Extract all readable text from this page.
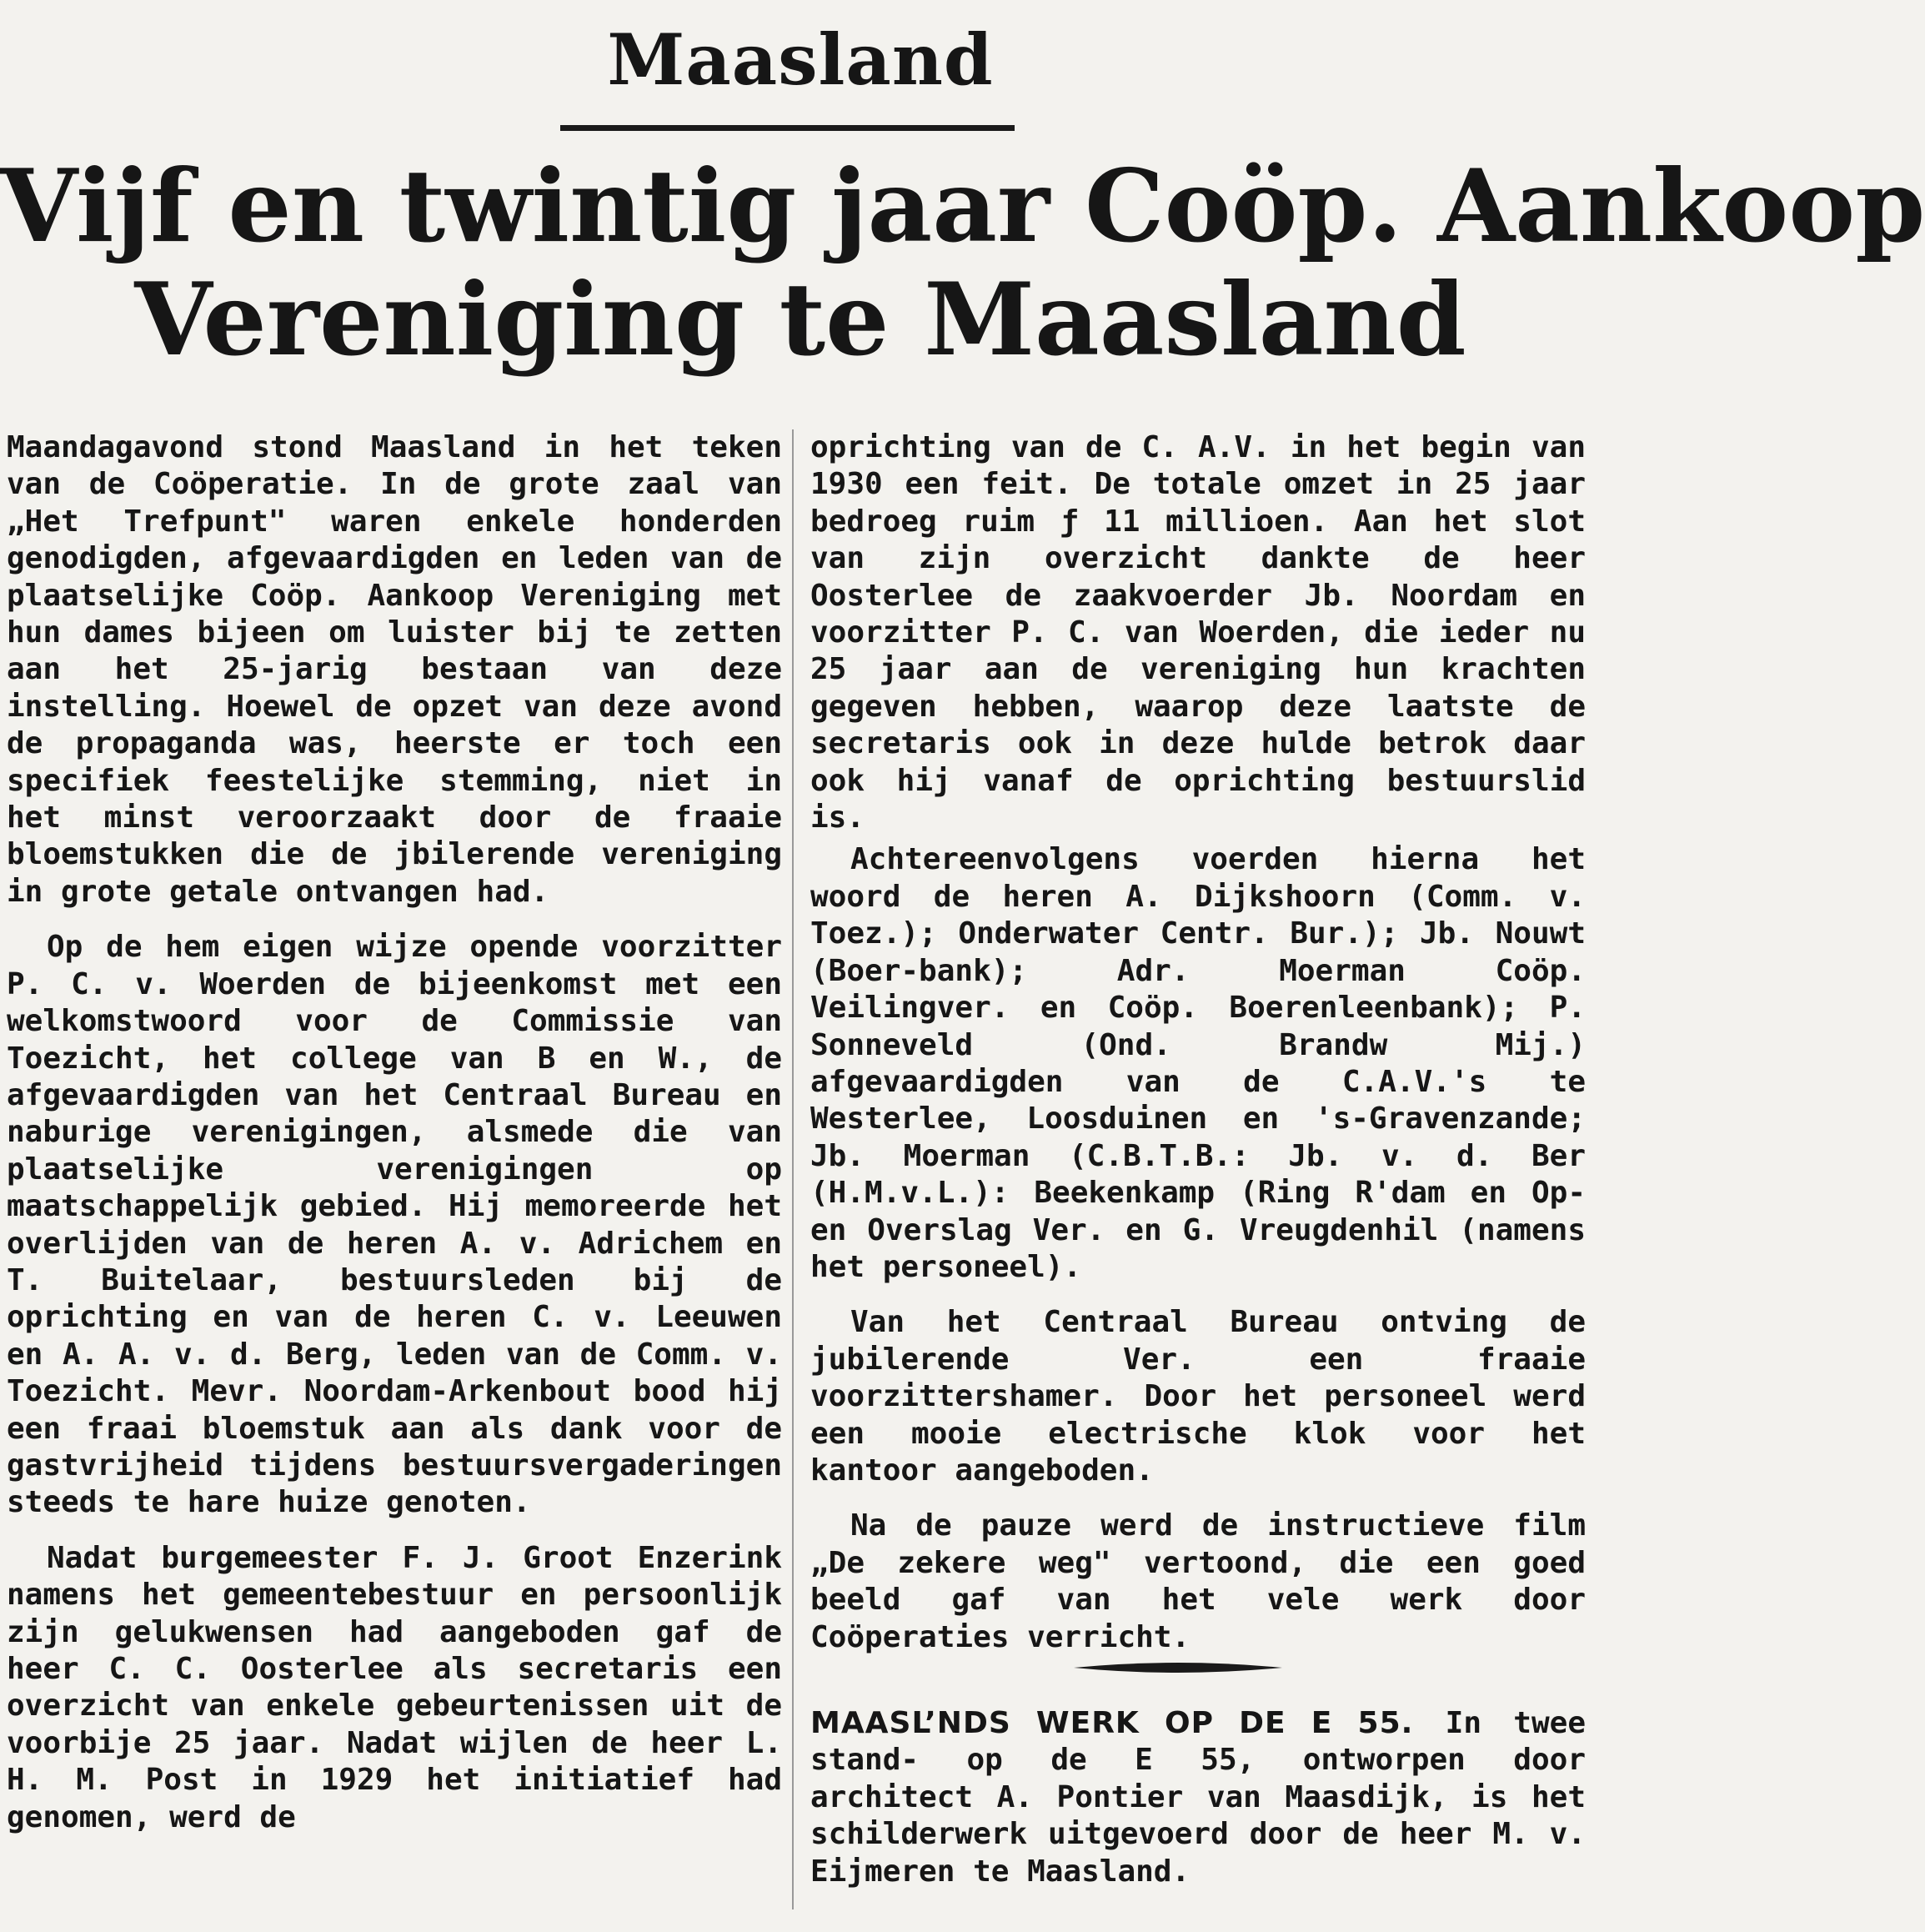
Maasland
Vijf en twintig jaar Coöp. Aankoop
Vereniging te Maasland

Maandagavond stond Maasland in het teken van de Coöperatie. In de grote zaal van „Het Trefpunt" waren enkele honderden genodigden, afgevaardigden en leden van de plaatselijke Coöp. Aankoop Vereniging met hun dames bijeen om luister bij te zetten aan het 25-jarig bestaan van deze instelling. Hoewel de opzet van deze avond de propaganda was, heerste er toch een specifiek feestelijke stemming, niet in het minst veroorzaakt door de fraaie bloemstukken die de jbilerende vereniging in grote getale ontvangen had.

Op de hem eigen wijze opende voorzitter P. C. v. Woerden de bijeenkomst met een welkomstwoord voor de Commissie van Toezicht, het college van B en W., de afgevaardigden van het Centraal Bureau en naburige verenigingen, alsmede die van plaatselijke verenigingen op maatschappelijk gebied. Hij memoreerde het overlijden van de heren A. v. Adrichem en T. Buitelaar, bestuursleden bij de oprichting en van de heren C. v. Leeuwen en A. A. v. d. Berg, leden van de Comm. v. Toezicht. Mevr. Noordam-Arkenbout bood hij een fraai bloemstuk aan als dank voor de gastvrijheid tijdens bestuursvergaderingen steeds te hare huize genoten.

Nadat burgemeester F. J. Groot Enzerink namens het gemeentebestuur en persoonlijk zijn gelukwensen had aangeboden gaf de heer C. C. Oosterlee als secretaris een overzicht van enkele gebeurtenissen uit de voorbije 25 jaar. Nadat wijlen de heer L. H. M. Post in 1929 het initiatief had genomen, werd de

oprichting van de C. A.V. in het begin van 1930 een feit. De totale omzet in 25 jaar bedroeg ruim ƒ 11 millioen. Aan het slot van zijn overzicht dankte de heer Oosterlee de zaakvoerder Jb. Noordam en voorzitter P. C. van Woerden, die ieder nu 25 jaar aan de vereniging hun krachten gegeven hebben, waarop deze laatste de secretaris ook in deze hulde betrok daar ook hij vanaf de oprichting bestuurslid is.

Achtereenvolgens voerden hierna het woord de heren A. Dijkshoorn (Comm. v. Toez.); Onderwater Centr. Bur.); Jb. Nouwt (Boer-bank); Adr. Moerman Coöp. Veilingver. en Coöp. Boerenleenbank); P. Sonneveld (Ond. Brandw Mij.) afgevaardigden van de C.A.V.'s te Westerlee, Loosduinen en 's-Gravenzande; Jb. Moerman (C.B.T.B.: Jb. v. d. Ber (H.M.v.L.): Beekenkamp (Ring R'dam en Op- en Overslag Ver. en G. Vreugdenhil (namens het personeel).

Van het Centraal Bureau ontving de jubilerende Ver. een fraaie voorzittershamer. Door het personeel werd een mooie electrische klok voor het kantoor aangeboden.

Na de pauze werd de instructieve film „De zekere weg" vertoond, die een goed beeld gaf van het vele werk door Coöperaties verricht.

MAASL’NDS WERK OP DE E 55. In twee stand- op de E 55, ontworpen door architect A. Pontier van Maasdijk, is het schilderwerk uitgevoerd door de heer M. v. Eijmeren te Maasland.
